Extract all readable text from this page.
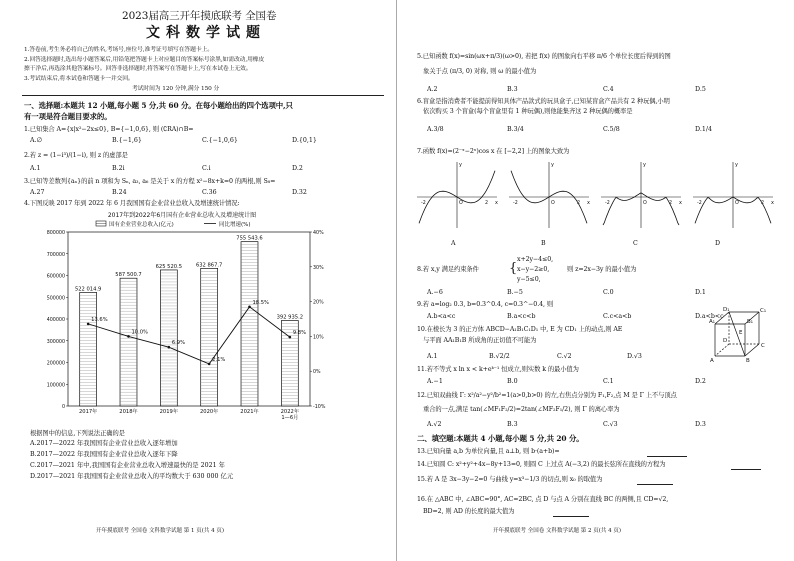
2023届高三开年摸底联考 全国卷
文科数学试题
1.答卷前,考生务必将自己的姓名,考场号,座位号,准考证号填写在答题卡上。
2.回答选择题时,选出每小题答案后,用铅笔把答题卡上对应题目的答案标号涂黑,如需改动,用橡皮
擦干净后,再选涂其他答案标号。回答非选择题时,将答案写在答题卡上,写在本试卷上无效。
3.考试结束后,将本试卷和答题卡一并交回。
考试时间为 120 分钟,满分 150 分
一、选择题:本题共 12 小题,每小题 5 分,共 60 分。在每小题给出的四个选项中,只
有一项是符合题目要求的。
1.已知集合 A={x|x²−2x≤0}, B={−1,0,6}, 则 (∁RA)∩B=
A.∅	B.{−1,6}	C.{−1,0,6}	D.{0,1}
2.若 z = (1−i³)/(1−i), 则 z 的虚部是
A.1	B.2i	C.i	D.2
3.已知等差数列{aₙ}的前 n 项和为 Sₙ, a₃, a₆ 是关于 x 的方程 x²−8x+k=0 的两根,则 S₈=
A.27	B.24	C.36	D.32
4.下图反映 2017 年到 2022 年 6 月我国国有企业营业总收入及增速统计情况:
2017年到2022年6月国有企业营业总收入及增速统计图
国有企业营业总收入(亿元)	同比增速(%)
0
100000
200000
300000
400000
500000
600000
700000
800000
-10%
0%
10%
20%
30%
40%
522 014.9
2017年
587 500.7
2018年
625 520.5
2019年
632 867.7
2020年
755 543.6
2021年
392 935.2
2022年
1—6月
13.6%
10.0%
6.9%
2.1%
18.5%
9.8%
根据图中的信息,下列说法正确的是
A.2017—2022 年我国国有企业营业总收入逐年增加
B.2017—2022 年我国国有企业营业总收入逐年下降
C.2017—2021 年中,我国国有企业营业总收入增速最快的是 2021 年
D.2017—2021 年我国国有企业营业总收入的平均数大于 630 000 亿元
开年摸底联考 全国卷 文科数学试题 第 1 页(共 4 页)
5.已知函数 f(x)=sin(ωx+π/3)(ω>0), 若把 f(x) 的图象向右平移 π/6 个单位长度后得到的图
象关于点 (π/3, 0) 对称, 则 ω 的最小值为
A.2	B.3	C.4	D.5
6.盲盒是指消费者不能提前得知具体产品款式的玩具盒子,已知某盲盒产品共有 2 种玩偶,小明
依次购买 3 个盲盒(每个盲盒里有 1 种玩偶),则他能集齐这 2 种玩偶的概率是
A.3/8	B.3/4	C.5/8	D.1/4
7.函数 f(x)=(2⁻ˣ−2ˣ)cos x 在 [−2,2] 上的图象大致为
x
y
-2	O	2	x
y
-2	O	2	x
y
-2	O	2	x
y
-2	O	2
A	B	C	D
8.若 x,y 满足约束条件 {
x+2y−4≤0,
x−y−2≥0,
y−5≤0,
则 z=2x−3y 的最小值为
A.−6	B.−5	C.0	D.1
9.若 a=log₂ 0.3, b=0.3^0.4, c=0.3^−0.4, 则
A.b<a<c	B.a<c<b	C.c<a<b	D.a<b<c
10.在棱长为 3 的正方体 ABCD−A₁B₁C₁D₁ 中, E 为 CD₁ 上的动点,则 AE
与平面 AA₁B₁B 所成角的正切值不可能为
A.1	B.√2/2	C.√2	D.√3
A₁	B₁
C₁
D₁
A	B
C
D
E
11.若不等式 x ln x < k+eᵏ⁻¹ 恒成立,则实数 k 的最小值为
A.−1	B.0	C.1	D.2
12.已知双曲线 Γ: x²/a²−y²/b²=1(a>0,b>0) 的左,右焦点分别为 F₁,F₂,点 M 是 Γ 上不与顶点
重合的一点,满足 tan(∠MF₁F₂/2)=2tan(∠MF₂F₁/2), 则 Γ 的离心率为
A.√2	B.3	C.√3	D.3
二、填空题:本题共 4 小题,每小题 5 分,共 20 分。
13.已知向量 a,b 为单位向量,且 a⊥b, 则 b·(a+b)=
14.已知圆 C: x²+y²+4x−8y+13=0, 则圆 C 上过点 A(−3,2) 的最长弦所在直线的方程为
15.若 A 是 3x−3y−2=0 与曲线 y=x³−1/3 的切点,则 x₀ 的取值为
16.在 △ABC 中, ∠ABC=90°, AC=2BC, 点 D 与点 A 分别在直线 BC 的两侧,且 CD=√2,
BD=2, 则 AD 的长度的最大值为
开年摸底联考 全国卷 文科数学试题 第 2 页(共 4 页)
